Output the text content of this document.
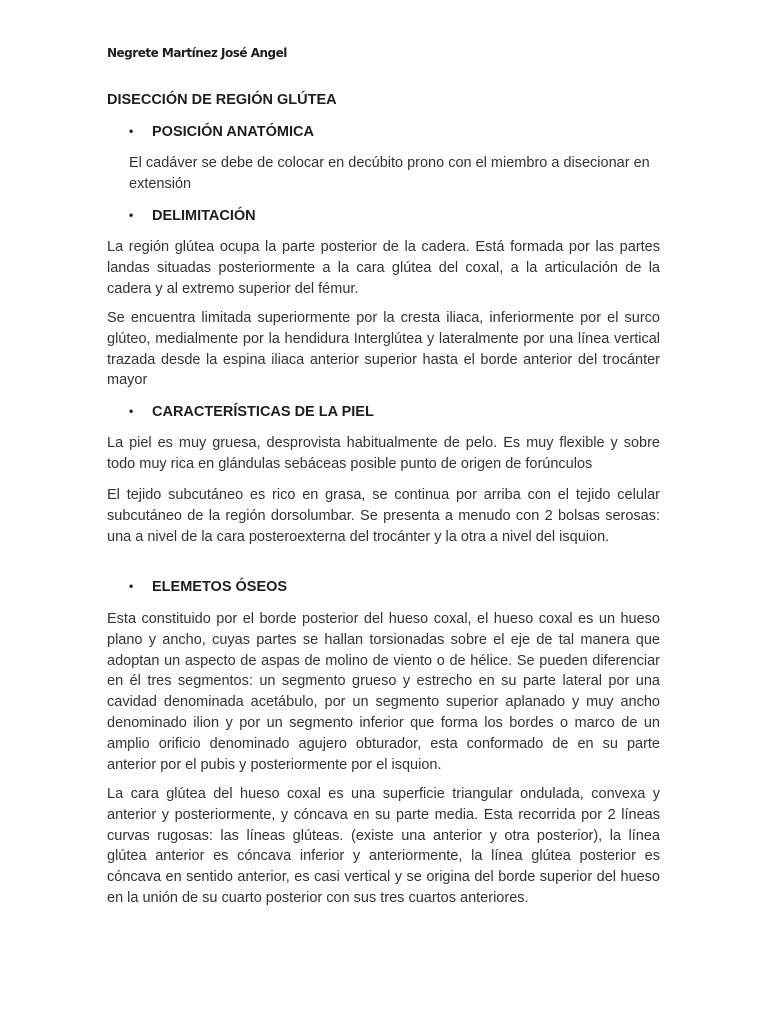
Negrete Martínez José Angel
DISECCIÓN DE REGIÓN GLÚTEA
• POSICIÓN ANATÓMICA
El cadáver se debe de colocar en decúbito prono con el miembro a disecionar en extensión
• DELIMITACIÓN
La región glútea ocupa la parte posterior de la cadera. Está formada por las partes landas situadas posteriormente a la cara glútea del coxal, a la articulación de la cadera y al extremo superior del fémur.
Se encuentra limitada superiormente por la cresta iliaca, inferiormente por el surco glúteo, medialmente por la hendidura Interglútea y lateralmente por una línea vertical trazada desde la espina iliaca anterior superior hasta el borde anterior del trocánter mayor
• CARACTERÍSTICAS DE LA PIEL
La piel es muy gruesa, desprovista habitualmente de pelo. Es muy flexible y sobre todo muy rica en glándulas sebáceas posible punto de origen de forúnculos
El tejido subcutáneo es rico en grasa, se continua por arriba con el tejido celular subcutáneo de la región dorsolumbar. Se presenta a menudo con 2 bolsas serosas: una a nivel de la cara posteroexterna del trocánter y la otra a nivel del isquion.
• ELEMETOS ÓSEOS
Esta constituido por el borde posterior del hueso coxal, el hueso coxal es un hueso plano y ancho, cuyas partes se hallan torsionadas sobre el eje de tal manera que adoptan un aspecto de aspas de molino de viento o de hélice. Se pueden diferenciar en él tres segmentos: un segmento grueso y estrecho en su parte lateral por una cavidad denominada acetábulo, por un segmento superior aplanado y muy ancho denominado ilion y por un segmento inferior que forma los bordes o marco de un amplio orificio denominado agujero obturador, esta conformado de en su parte anterior por el pubis y posteriormente por el isquion.
La cara glútea del hueso coxal es una superficie triangular ondulada, convexa y anterior y posteriormente, y cóncava en su parte media. Esta recorrida por 2 líneas curvas rugosas: las líneas glúteas. (existe una anterior y otra posterior), la línea glútea anterior es cóncava inferior y anteriormente, la línea glútea posterior es cóncava en sentido anterior, es casi vertical y se origina del borde superior del hueso en la unión de su cuarto posterior con sus tres cuartos anteriores.
